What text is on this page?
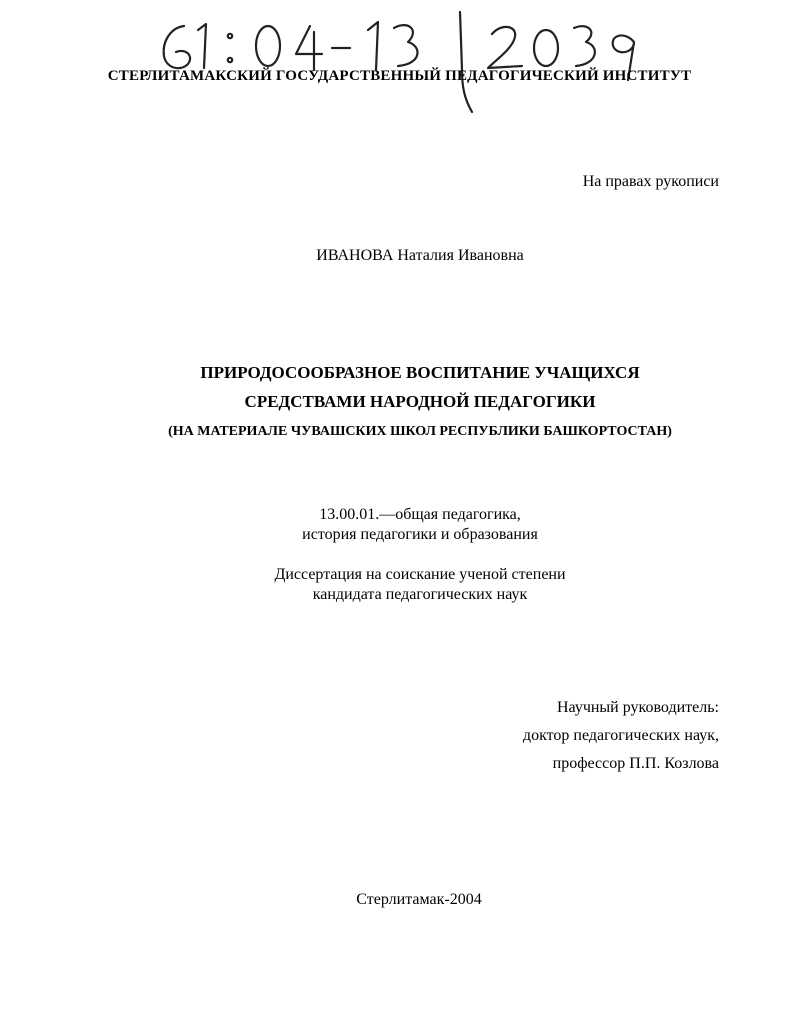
СТЕРЛИТАМАКСКИЙ ГОСУДАРСТВЕННЫЙ ПЕДАГОГИЧЕСКИЙ ИНСТИТУТ
На правах рукописи
ИВАНОВА Наталия Ивановна
ПРИРОДОСООБРАЗНОЕ ВОСПИТАНИЕ УЧАЩИХСЯ
СРЕДСТВАМИ НАРОДНОЙ ПЕДАГОГИКИ
(НА МАТЕРИАЛЕ ЧУВАШСКИХ ШКОЛ РЕСПУБЛИКИ БАШКОРТОСТАН)
13.00.01.—общая педагогика,
история педагогики и образования
Диссертация на соискание ученой степени
кандидата педагогических наук
Научный руководитель:
доктор педагогических наук,
профессор П.П. Козлова
Стерлитамак-2004
